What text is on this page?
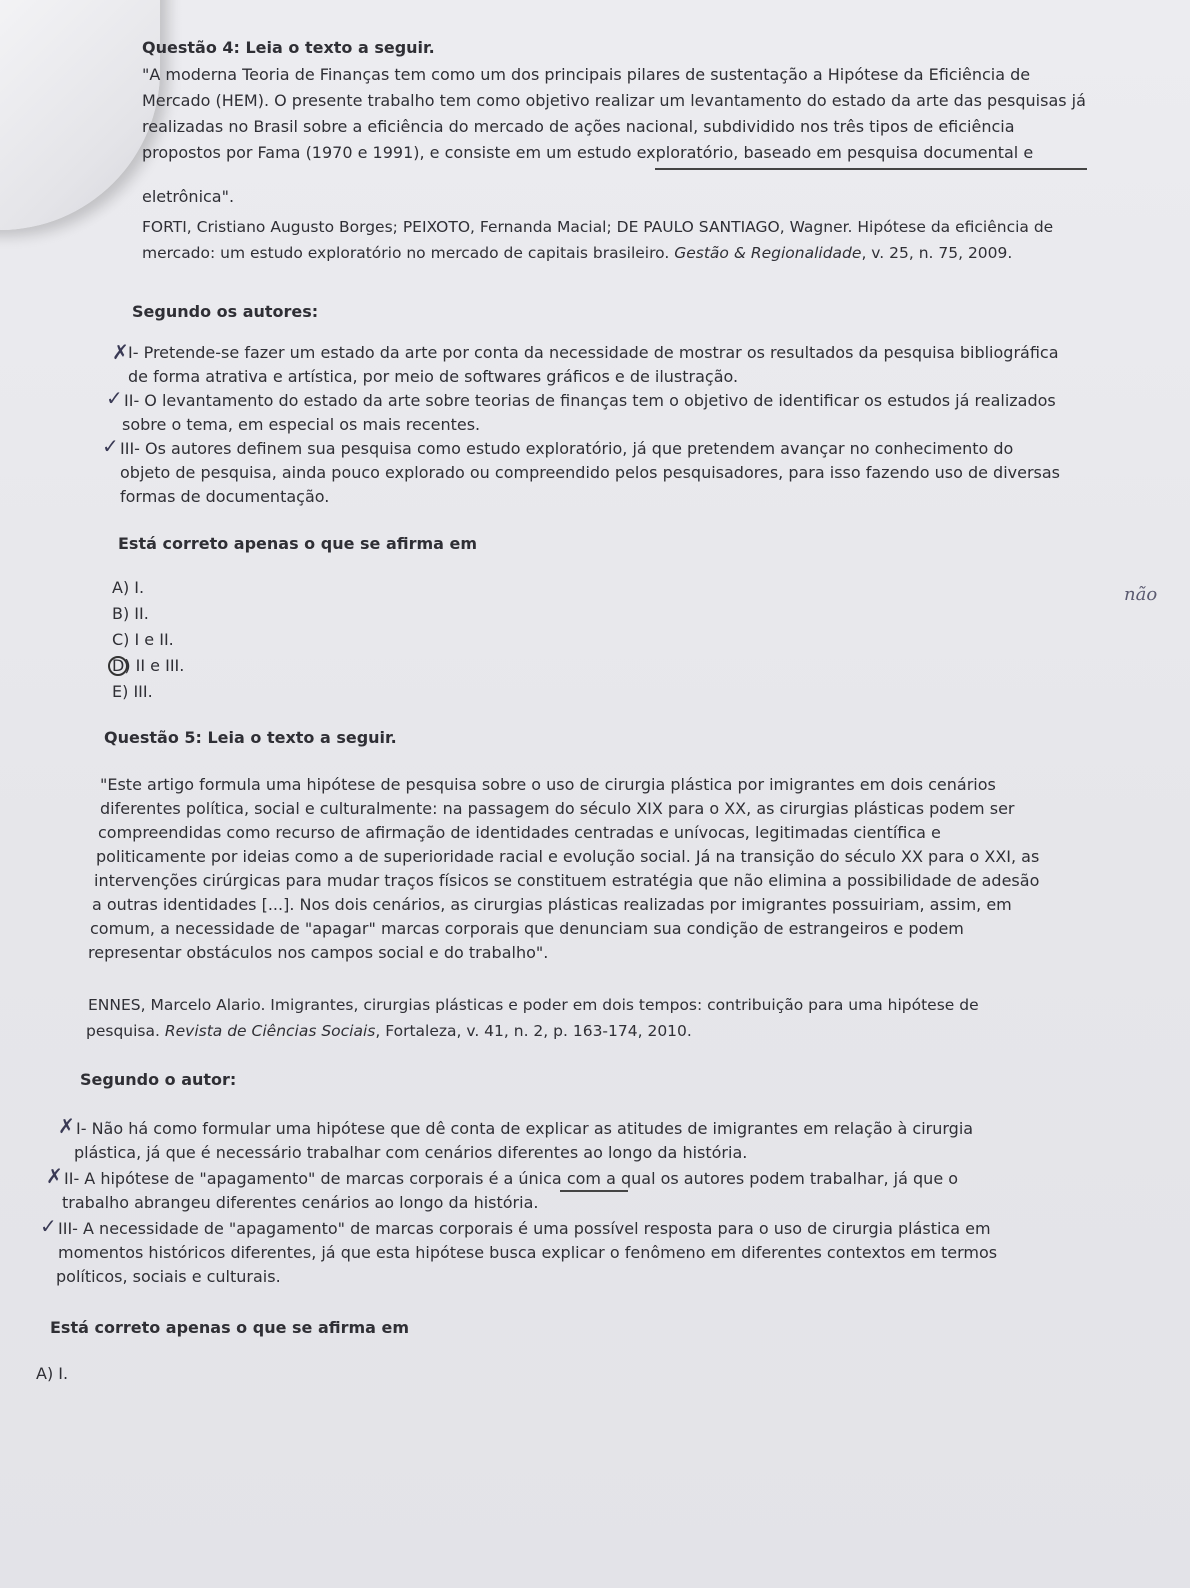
Questão 4: Leia o texto a seguir.
"A moderna Teoria de Finanças tem como um dos principais pilares de sustentação a Hipótese da Eficiência de
Mercado (HEM). O presente trabalho tem como objetivo realizar um levantamento do estado da arte das pesquisas já
realizadas no Brasil sobre a eficiência do mercado de ações nacional, subdividido nos três tipos de eficiência
propostos por Fama (1970 e 1991), e consiste em um estudo exploratório, baseado em pesquisa documental e
eletrônica".
FORTI, Cristiano Augusto Borges; PEIXOTO, Fernanda Macial; DE PAULO SANTIAGO, Wagner. Hipótese da eficiência de
mercado: um estudo exploratório no mercado de capitais brasileiro. Gestão & Regionalidade, v. 25, n. 75, 2009.
Segundo os autores:
✗ I- Pretende-se fazer um estado da arte por conta da necessidade de mostrar os resultados da pesquisa bibliográfica
de forma atrativa e artística, por meio de softwares gráficos e de ilustração.
✓ II- O levantamento do estado da arte sobre teorias de finanças tem o objetivo de identificar os estudos já realizados
sobre o tema, em especial os mais recentes.
✓ III- Os autores definem sua pesquisa como estudo exploratório, já que pretendem avançar no conhecimento do
objeto de pesquisa, ainda pouco explorado ou compreendido pelos pesquisadores, para isso fazendo uso de diversas
formas de documentação.
Está correto apenas o que se afirma em
A) I.
B) II.
C) I e II.
D) II e III.
E) III.
não
Questão 5: Leia o texto a seguir.
"Este artigo formula uma hipótese de pesquisa sobre o uso de cirurgia plástica por imigrantes em dois cenários
diferentes política, social e culturalmente: na passagem do século XIX para o XX, as cirurgias plásticas podem ser
compreendidas como recurso de afirmação de identidades centradas e unívocas, legitimadas científica e
politicamente por ideias como a de superioridade racial e evolução social. Já na transição do século XX para o XXI, as
intervenções cirúrgicas para mudar traços físicos se constituem estratégia que não elimina a possibilidade de adesão
a outras identidades [...]. Nos dois cenários, as cirurgias plásticas realizadas por imigrantes possuiriam, assim, em
comum, a necessidade de "apagar" marcas corporais que denunciam sua condição de estrangeiros e podem
representar obstáculos nos campos social e do trabalho".
ENNES, Marcelo Alario. Imigrantes, cirurgias plásticas e poder em dois tempos: contribuição para uma hipótese de
pesquisa. Revista de Ciências Sociais, Fortaleza, v. 41, n. 2, p. 163-174, 2010.
Segundo o autor:
✗ I- Não há como formular uma hipótese que dê conta de explicar as atitudes de imigrantes em relação à cirurgia
plástica, já que é necessário trabalhar com cenários diferentes ao longo da história.
✗ II- A hipótese de "apagamento" de marcas corporais é a única com a qual os autores podem trabalhar, já que o
trabalho abrangeu diferentes cenários ao longo da história.
✓ III- A necessidade de "apagamento" de marcas corporais é uma possível resposta para o uso de cirurgia plástica em
momentos históricos diferentes, já que esta hipótese busca explicar o fenômeno em diferentes contextos em termos
políticos, sociais e culturais.
Está correto apenas o que se afirma em
A) I.
